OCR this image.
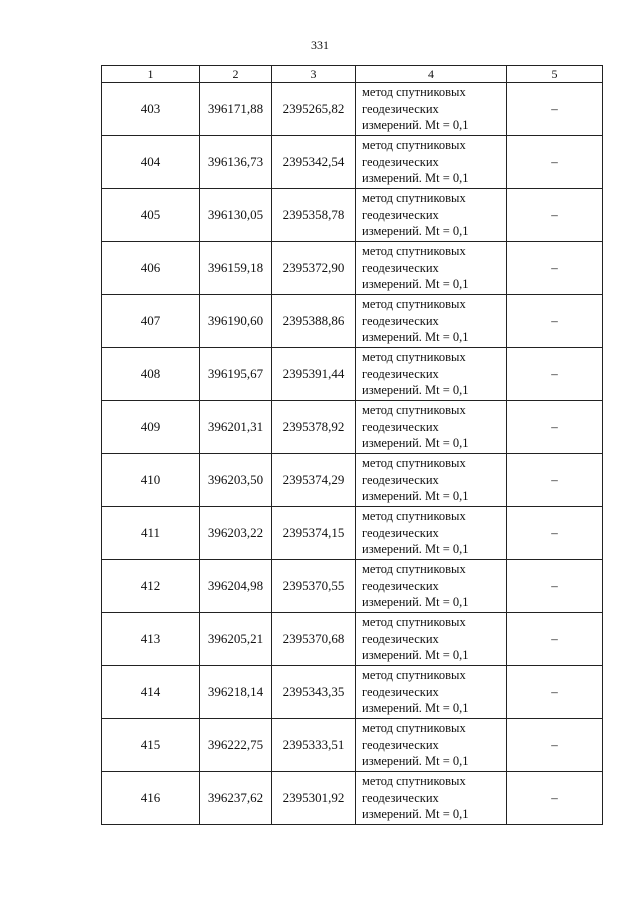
331
1	2	3	4	5
403	396171,88	2395265,82	метод спутниковых
геодезических
измерений. Mt = 0,1	–
404	396136,73	2395342,54	метод спутниковых
геодезических
измерений. Mt = 0,1	–
405	396130,05	2395358,78	метод спутниковых
геодезических
измерений. Mt = 0,1	–
406	396159,18	2395372,90	метод спутниковых
геодезических
измерений. Mt = 0,1	–
407	396190,60	2395388,86	метод спутниковых
геодезических
измерений. Mt = 0,1	–
408	396195,67	2395391,44	метод спутниковых
геодезических
измерений. Mt = 0,1	–
409	396201,31	2395378,92	метод спутниковых
геодезических
измерений. Mt = 0,1	–
410	396203,50	2395374,29	метод спутниковых
геодезических
измерений. Mt = 0,1	–
411	396203,22	2395374,15	метод спутниковых
геодезических
измерений. Mt = 0,1	–
412	396204,98	2395370,55	метод спутниковых
геодезических
измерений. Mt = 0,1	–
413	396205,21	2395370,68	метод спутниковых
геодезических
измерений. Mt = 0,1	–
414	396218,14	2395343,35	метод спутниковых
геодезических
измерений. Mt = 0,1	–
415	396222,75	2395333,51	метод спутниковых
геодезических
измерений. Mt = 0,1	–
416	396237,62	2395301,92	метод спутниковых
геодезических
измерений. Mt = 0,1	–
